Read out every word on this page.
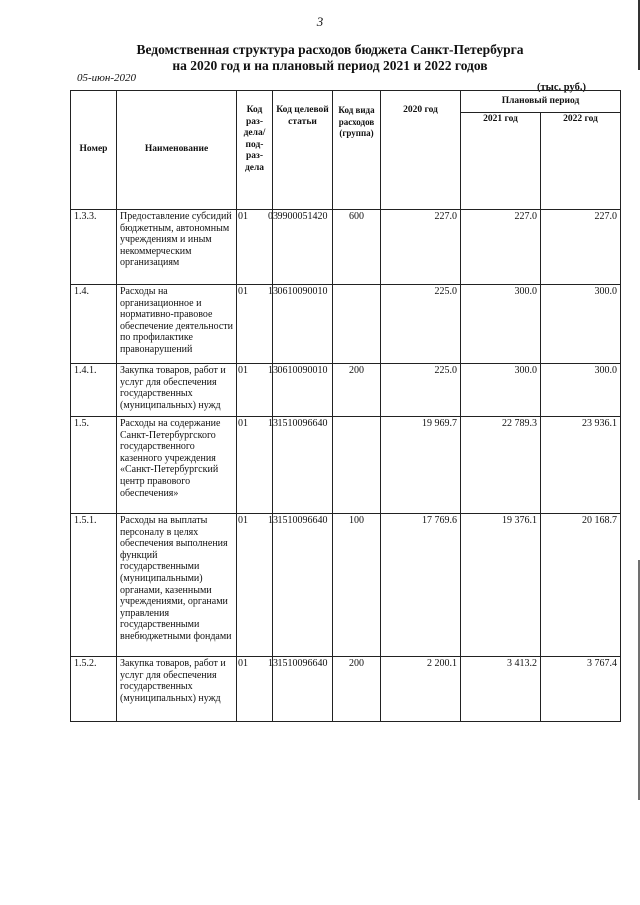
3
Ведомственная структура расходов бюджета Санкт-Петербурга
на 2020 год и на плановый период 2021 и 2022 годов
05-июн-2020
(тыс. руб.)
Номер	Наименование	Код раз-дела/ под-раз-дела	Код целевой статьи	Код вида расходов (группа)	2020 год	Плановый период	
						2021 год	2022 год
1.3.3.	Предоставление субсидий бюджетным, автономным учреждениям и иным некоммерческим организациям	01 03	9900051420	600	227.0	227.0	227.0
1.4.	Расходы на организационное и нормативно-правовое обеспечение деятельности по профилактике правонарушений	01 13	0610090010		225.0	300.0	300.0
1.4.1.	Закупка товаров, работ и услуг для обеспечения государственных (муниципальных) нужд	01 13	0610090010	200	225.0	300.0	300.0
1.5.	Расходы на содержание Санкт-Петербургского государственного казенного учреждения «Санкт-Петербургский центр правового обеспечения»	01 13	1510096640		19 969.7	22 789.3	23 936.1
1.5.1.	Расходы на выплаты персоналу в целях обеспечения выполнения функций государственными (муниципальными) органами, казенными учреждениями, органами управления государственными внебюджетными фондами	01 13	1510096640	100	17 769.6	19 376.1	20 168.7
1.5.2.	Закупка товаров, работ и услуг для обеспечения государственных (муниципальных) нужд	01 13	1510096640	200	2 200.1	3 413.2	3 767.4
